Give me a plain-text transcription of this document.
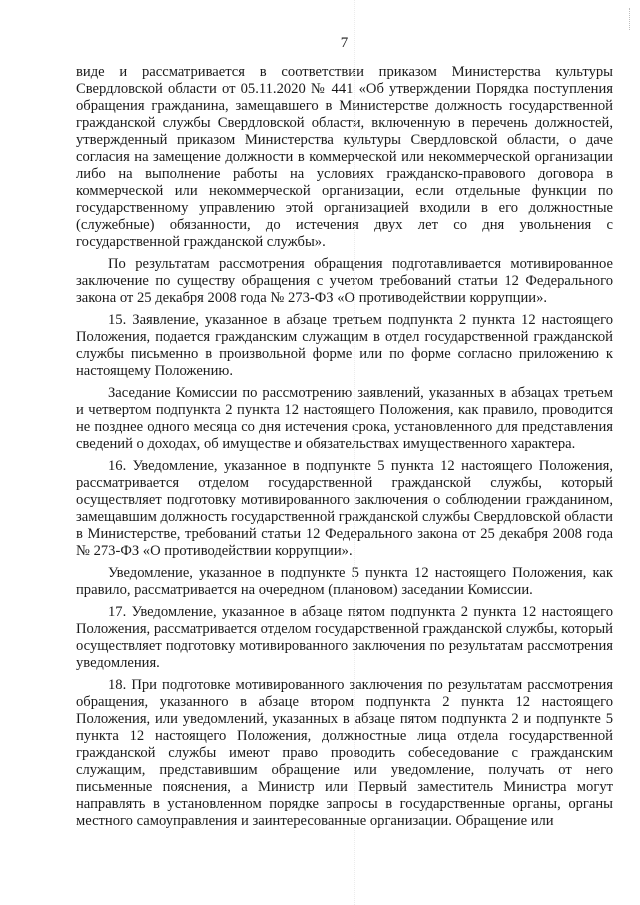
7

виде и рассматривается в соответствии приказом Министерства культуры Свердловской области от 05.11.2020 № 441 «Об утверждении Порядка поступления обращения гражданина, замещавшего в Министерстве должность государственной гражданской службы Свердловской области, включенную в перечень должностей, утвержденный приказом Министерства культуры Свердловской области, о даче согласия на замещение должности в коммерческой или некоммерческой организации либо на выполнение работы на условиях гражданско-правового договора в коммерческой или некоммерческой организации, если отдельные функции по государственному управлению этой организацией входили в его должностные (служебные) обязанности, до истечения двух лет со дня увольнения с государственной гражданской службы».

По результатам рассмотрения обращения подготавливается мотивированное заключение по существу обращения с учетом требований статьи 12 Федерального закона от 25 декабря 2008 года № 273-ФЗ «О противодействии коррупции».

15. Заявление, указанное в абзаце третьем подпункта 2 пункта 12 настоящего Положения, подается гражданским служащим в отдел государственной гражданской службы письменно в произвольной форме или по форме согласно приложению к настоящему Положению.

Заседание Комиссии по рассмотрению заявлений, указанных в абзацах третьем и четвертом подпункта 2 пункта 12 настоящего Положения, как правило, проводится не позднее одного месяца со дня истечения срока, установленного для представления сведений о доходах, об имуществе и обязательствах имущественного характера.

16. Уведомление, указанное в подпункте 5 пункта 12 настоящего Положения, рассматривается отделом государственной гражданской службы, который осуществляет подготовку мотивированного заключения о соблюдении гражданином, замещавшим должность государственной гражданской службы Свердловской области в Министерстве, требований статьи 12 Федерального закона от 25 декабря 2008 года № 273-ФЗ «О противодействии коррупции».

Уведомление, указанное в подпункте 5 пункта 12 настоящего Положения, как правило, рассматривается на очередном (плановом) заседании Комиссии.

17. Уведомление, указанное в абзаце пятом подпункта 2 пункта 12 настоящего Положения, рассматривается отделом государственной гражданской службы, который осуществляет подготовку мотивированного заключения по результатам рассмотрения уведомления.

18. При подготовке мотивированного заключения по результатам рассмотрения обращения, указанного в абзаце втором подпункта 2 пункта 12 настоящего Положения, или уведомлений, указанных в абзаце пятом подпункта 2 и подпункте 5 пункта 12 настоящего Положения, должностные лица отдела государственной гражданской службы имеют право проводить собеседование с гражданским служащим, представившим обращение или уведомление, получать от него письменные пояснения, а Министр или Первый заместитель Министра могут направлять в установленном порядке запросы в государственные органы, органы местного самоуправления и заинтересованные организации. Обращение или
